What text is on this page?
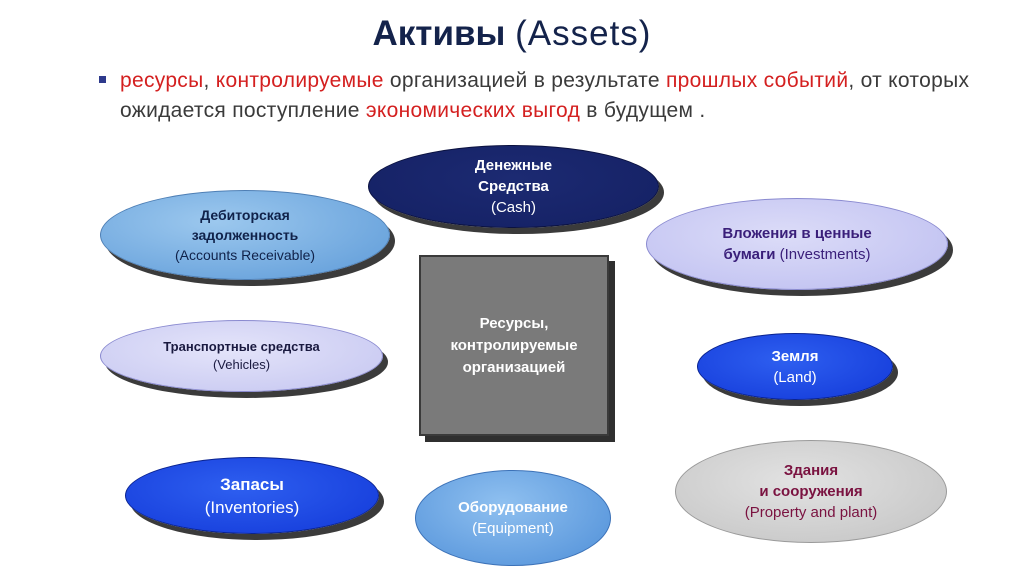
Активы (Assets)
ресурсы, контролируемые организацией в результате прошлых событий, от которых ожидается поступление экономических выгод в будущем .
Денежные
Средства
(Cash)
Дебиторская
задолженность
(Accounts Receivable)
Вложения в ценные
бумаги (Investments)
Транспортные средства
(Vehicles)
Ресурсы, контролируемые организацией
Земля
(Land)
Запасы
(Inventories)	Оборудование
(Equipment)
Здания
и сооружения
(Property and plant)
